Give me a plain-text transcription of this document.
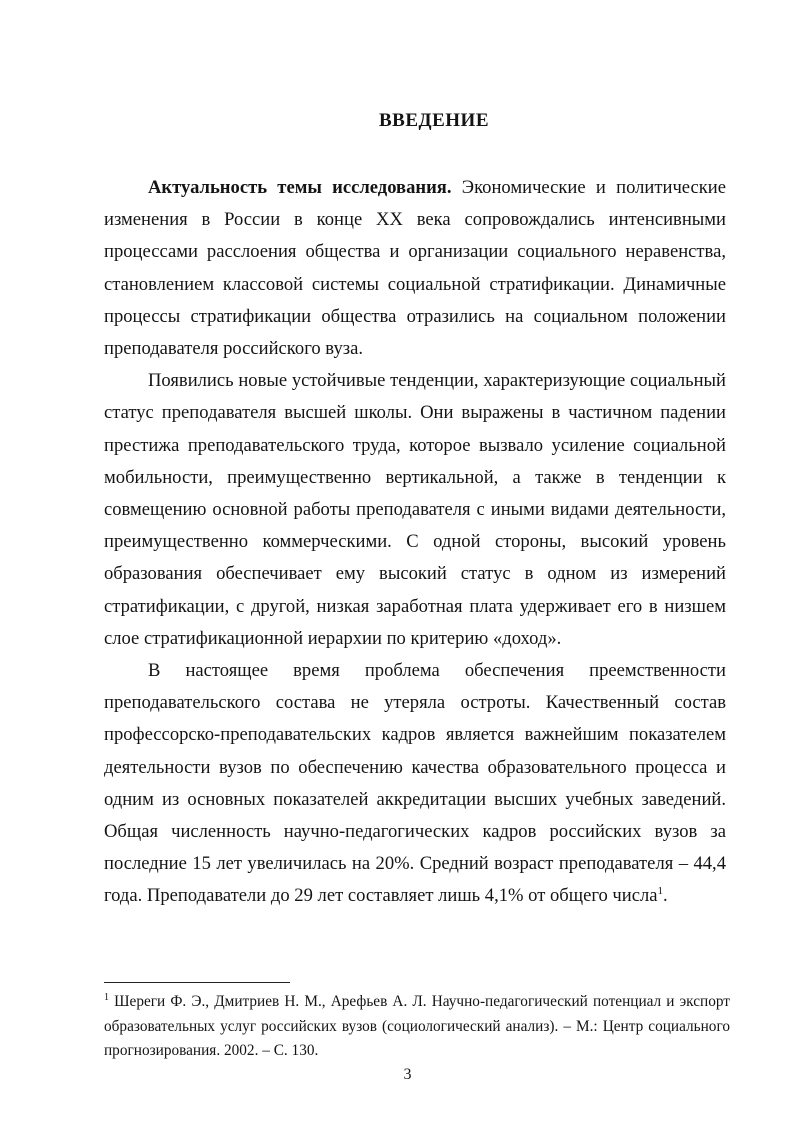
ВВЕДЕНИЕ

Актуальность темы исследования. Экономические и политические изменения в России в конце XX века сопровождались интенсивными процессами расслоения общества и организации социального неравенства, становлением классовой системы социальной стратификации. Динамичные процессы стратификации общества отразились на социальном положении преподавателя российского вуза.

Появились новые устойчивые тенденции, характеризующие социальный статус преподавателя высшей школы. Они выражены в частичном падении престижа преподавательского труда, которое вызвало усиление социальной мобильности, преимущественно вертикальной, а также в тенденции к совмещению основной работы преподавателя с иными видами деятельности, преимущественно коммерческими. С одной стороны, высокий уровень образования обеспечивает ему высокий статус в одном из измерений стратификации, с другой, низкая заработная плата удерживает его в низшем слое стратификационной иерархии по критерию «доход».

В настоящее время проблема обеспечения преемственности преподавательского состава не утеряла остроты. Качественный состав профессорско-преподавательских кадров является важнейшим показателем деятельности вузов по обеспечению качества образовательного процесса и одним из основных показателей аккредитации высших учебных заведений. Общая численность научно-педагогических кадров российских вузов за последние 15 лет увеличилась на 20%. Средний возраст преподавателя – 44,4 года. Преподаватели до 29 лет составляет лишь 4,1% от общего числа$^1$.

$^1$ Шереги Ф. Э., Дмитриев Н. М., Арефьев А. Л. Научно-педагогический потенциал и экспорт образовательных услуг российских вузов (социологический анализ). – М.: Центр социального прогнозирования. 2002. – С. 130.

3
